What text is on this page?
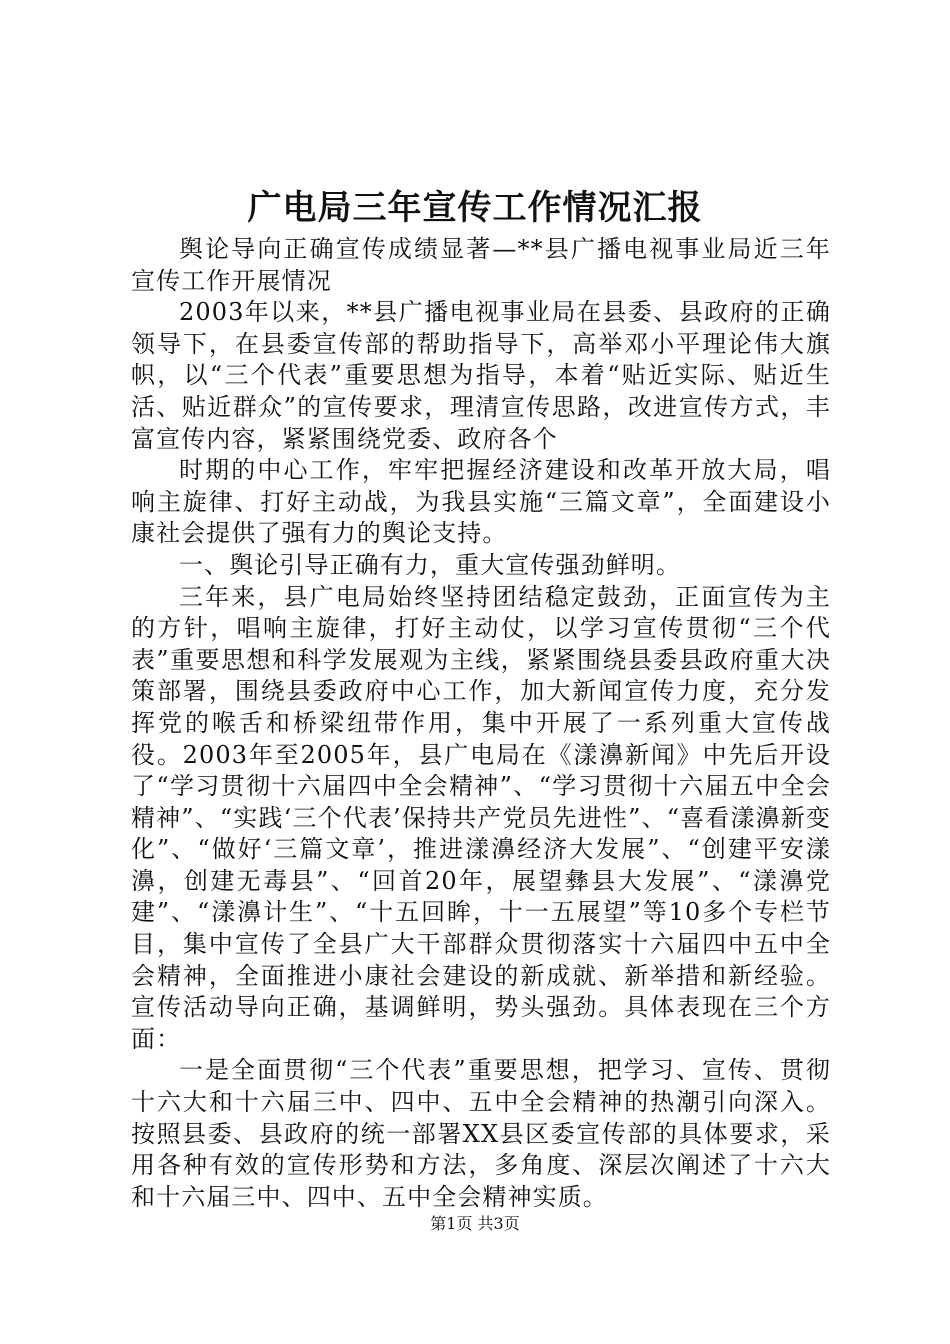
广电局三年宣传工作情况汇报

舆论导向正确宣传成绩显著—**县广播电视事业局近三年宣传工作开展情况

2003年以来，**县广播电视事业局在县委、县政府的正确领导下，在县委宣传部的帮助指导下，高举邓小平理论伟大旗帜，以“三个代表”重要思想为指导，本着“贴近实际、贴近生活、贴近群众”的宣传要求，理清宣传思路，改进宣传方式，丰富宣传内容，紧紧围绕党委、政府各个

时期的中心工作，牢牢把握经济建设和改革开放大局，唱响主旋律、打好主动战，为我县实施“三篇文章”，全面建设小康社会提供了强有力的舆论支持。

一、舆论引导正确有力，重大宣传强劲鲜明。

三年来，县广电局始终坚持团结稳定鼓劲，正面宣传为主的方针，唱响主旋律，打好主动仗，以学习宣传贯彻“三个代表”重要思想和科学发展观为主线，紧紧围绕县委县政府重大决策部署，围绕县委政府中心工作，加大新闻宣传力度，充分发挥党的喉舌和桥梁纽带作用，集中开展了一系列重大宣传战役。2003年至2005年，县广电局在《漾濞新闻》中先后开设了“学习贯彻十六届四中全会精神”、“学习贯彻十六届五中全会精神”、“实践‘三个代表’保持共产党员先进性”、“喜看漾濞新变化”、“做好‘三篇文章’，推进漾濞经济大发展”、“创建平安漾濞，创建无毒县”、“回首20年，展望彝县大发展”、“漾濞党建”、“漾濞计生”、“十五回眸，十一五展望”等10多个专栏节目，集中宣传了全县广大干部群众贯彻落实十六届四中五中全会精神，全面推进小康社会建设的新成就、新举措和新经验。宣传活动导向正确，基调鲜明，势头强劲。具体表现在三个方面：

一是全面贯彻“三个代表”重要思想，把学习、宣传、贯彻十六大和十六届三中、四中、五中全会精神的热潮引向深入。按照县委、县政府的统一部署XX县区委宣传部的具体要求，采用各种有效的宣传形势和方法，多角度、深层次阐述了十六大和十六届三中、四中、五中全会精神实质。

第1页 共3页
